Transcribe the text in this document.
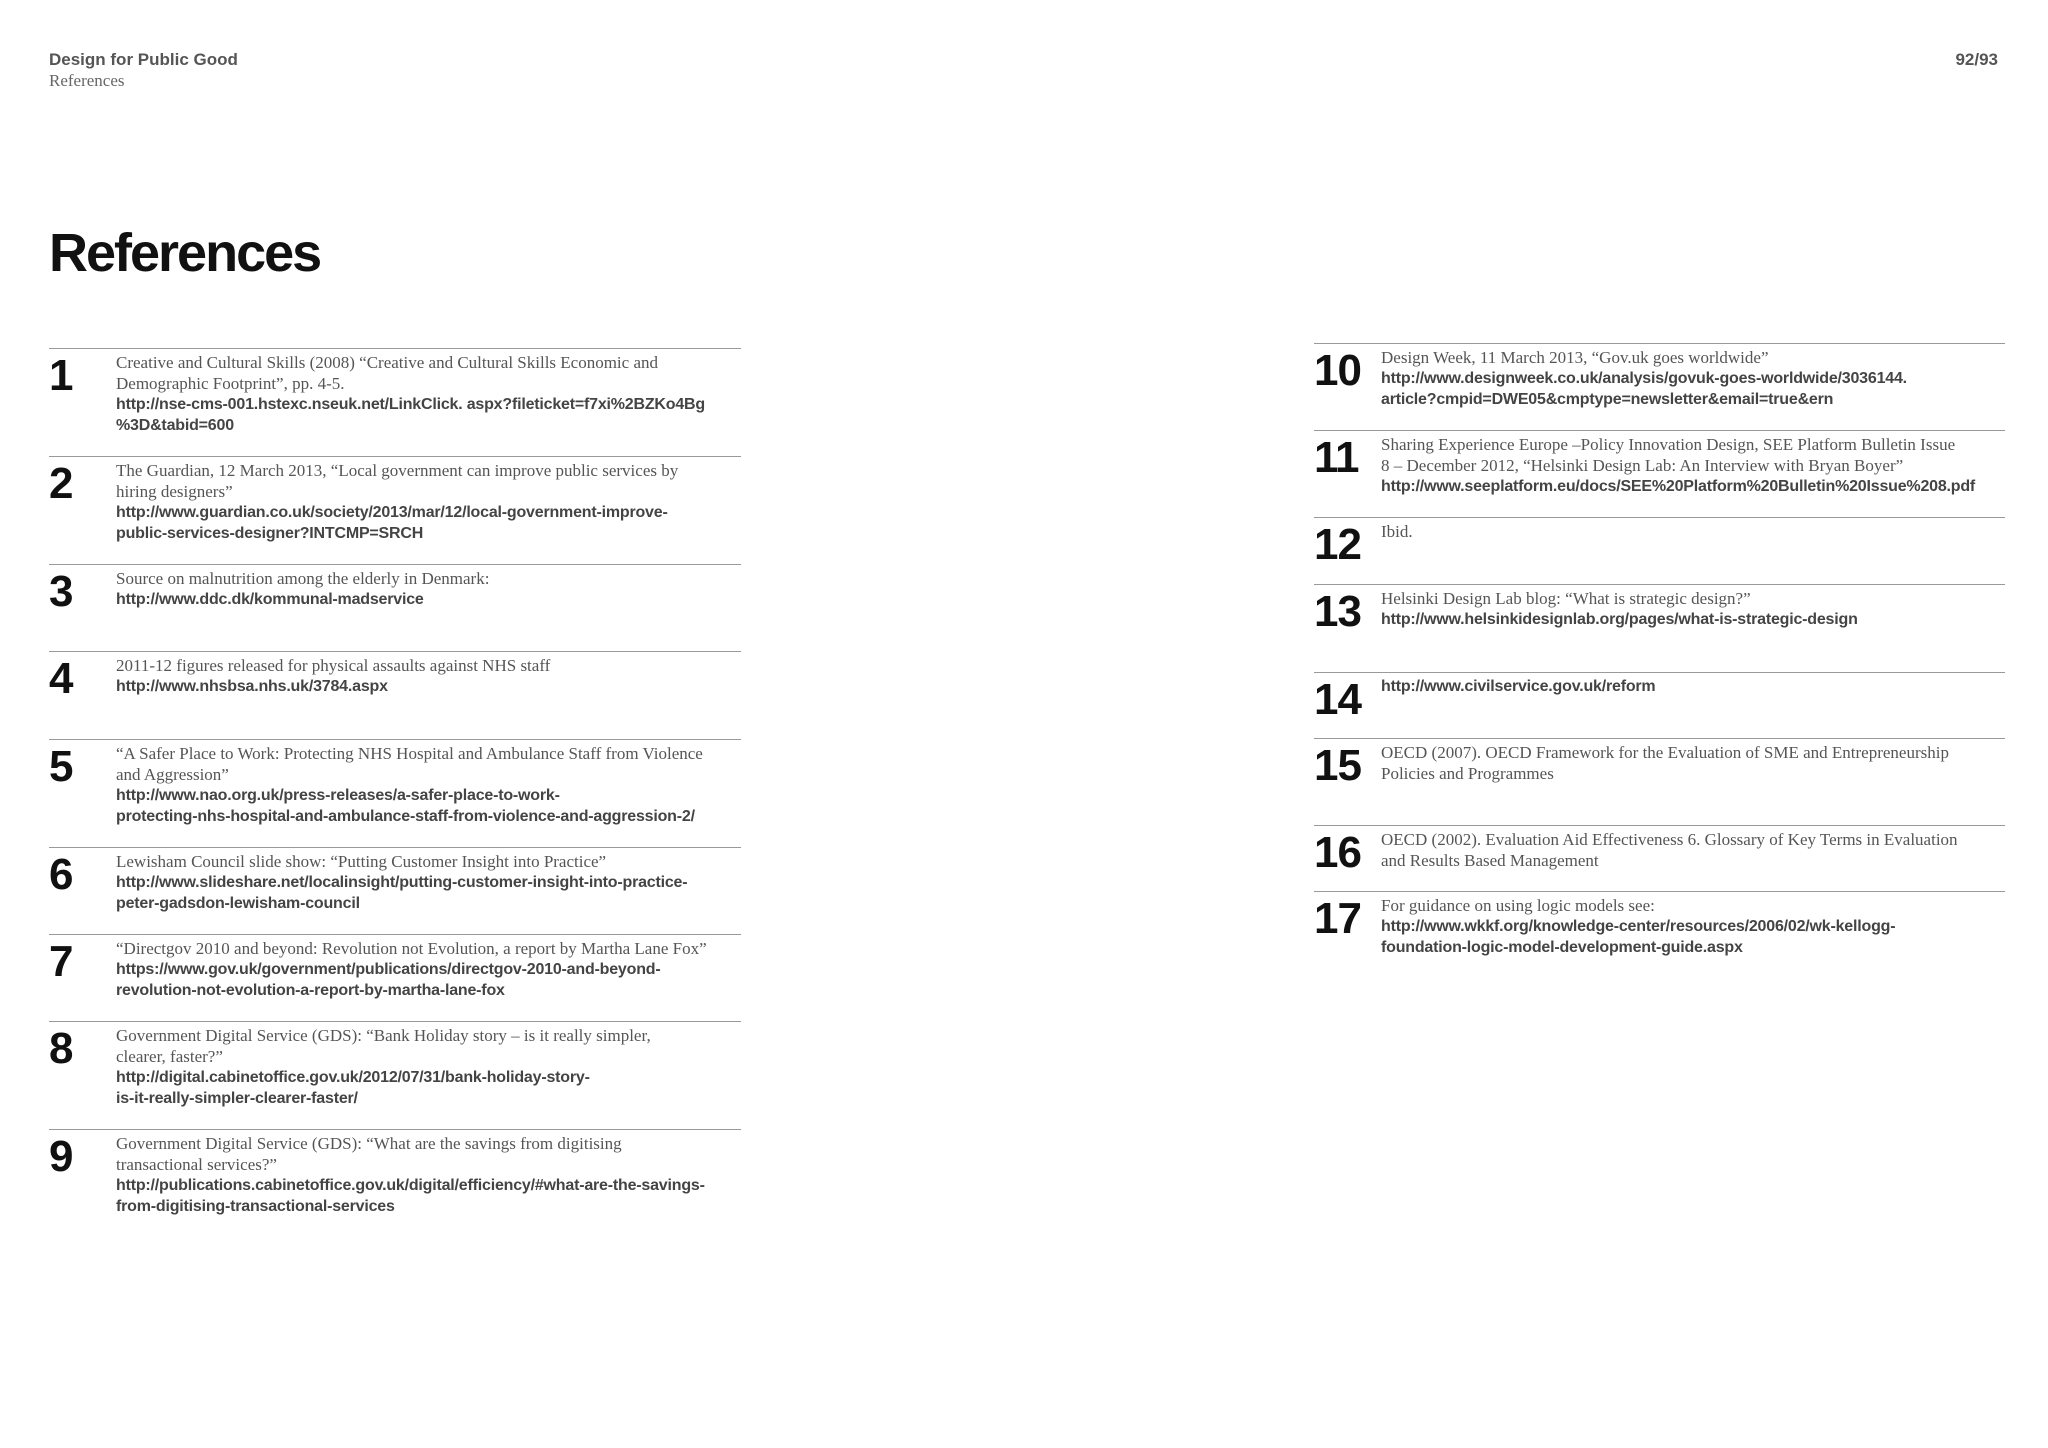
Design for Public Good
References
92/93
References
1	Creative and Cultural Skills (2008) “Creative and Cultural Skills Economic and
Demographic Footprint”, pp. 4-5.
http://nse-cms-001.hstexc.nseuk.net/LinkClick. aspx?fileticket=f7xi%2BZKo4Bg
%3D&tabid=600
2	The Guardian, 12 March 2013, “Local government can improve public services by
hiring designers”
http://www.guardian.co.uk/society/2013/mar/12/local-government-improve-
public-services-designer?INTCMP=SRCH
3	Source on malnutrition among the elderly in Denmark:
http://www.ddc.dk/kommunal-madservice
4	2011-12 figures released for physical assaults against NHS staff
http://www.nhsbsa.nhs.uk/3784.aspx
5	“A Safer Place to Work: Protecting NHS Hospital and Ambulance Staff from Violence
and Aggression”
http://www.nao.org.uk/press-releases/a-safer-place-to-work-
protecting-nhs-hospital-and-ambulance-staff-from-violence-and-aggression-2/
6	Lewisham Council slide show: “Putting Customer Insight into Practice”
http://www.slideshare.net/localinsight/putting-customer-insight-into-practice-
peter-gadsdon-lewisham-council
7	“Directgov 2010 and beyond: Revolution not Evolution, a report by Martha Lane Fox”
https://www.gov.uk/government/publications/directgov-2010-and-beyond-
revolution-not-evolution-a-report-by-martha-lane-fox
8	Government Digital Service (GDS): “Bank Holiday story – is it really simpler,
clearer, faster?”
http://digital.cabinetoffice.gov.uk/2012/07/31/bank-holiday-story-
is-it-really-simpler-clearer-faster/
9	Government Digital Service (GDS): “What are the savings from digitising
transactional services?”
http://publications.cabinetoffice.gov.uk/digital/efficiency/#what-are-the-savings-
from-digitising-transactional-services
10 Design Week, 11 March 2013, “Gov.uk goes worldwide”
http://www.designweek.co.uk/analysis/govuk-goes-worldwide/3036144.
article?cmpid=DWE05&cmptype=newsletter&email=true&ern
11 Sharing Experience Europe –Policy Innovation Design, SEE Platform Bulletin Issue
8 – December 2012, “Helsinki Design Lab: An Interview with Bryan Boyer”
http://www.seeplatform.eu/docs/SEE%20Platform%20Bulletin%20Issue%208.pdf
12 Ibid.
13 Helsinki Design Lab blog: “What is strategic design?”
http://www.helsinkidesignlab.org/pages/what-is-strategic-design
14 http://www.civilservice.gov.uk/reform
15 OECD (2007). OECD Framework for the Evaluation of SME and Entrepreneurship
Policies and Programmes
16 OECD (2002). Evaluation Aid Effectiveness 6. Glossary of Key Terms in Evaluation
and Results Based Management
17 For guidance on using logic models see:
http://www.wkkf.org/knowledge-center/resources/2006/02/wk-kellogg-
foundation-logic-model-development-guide.aspx
